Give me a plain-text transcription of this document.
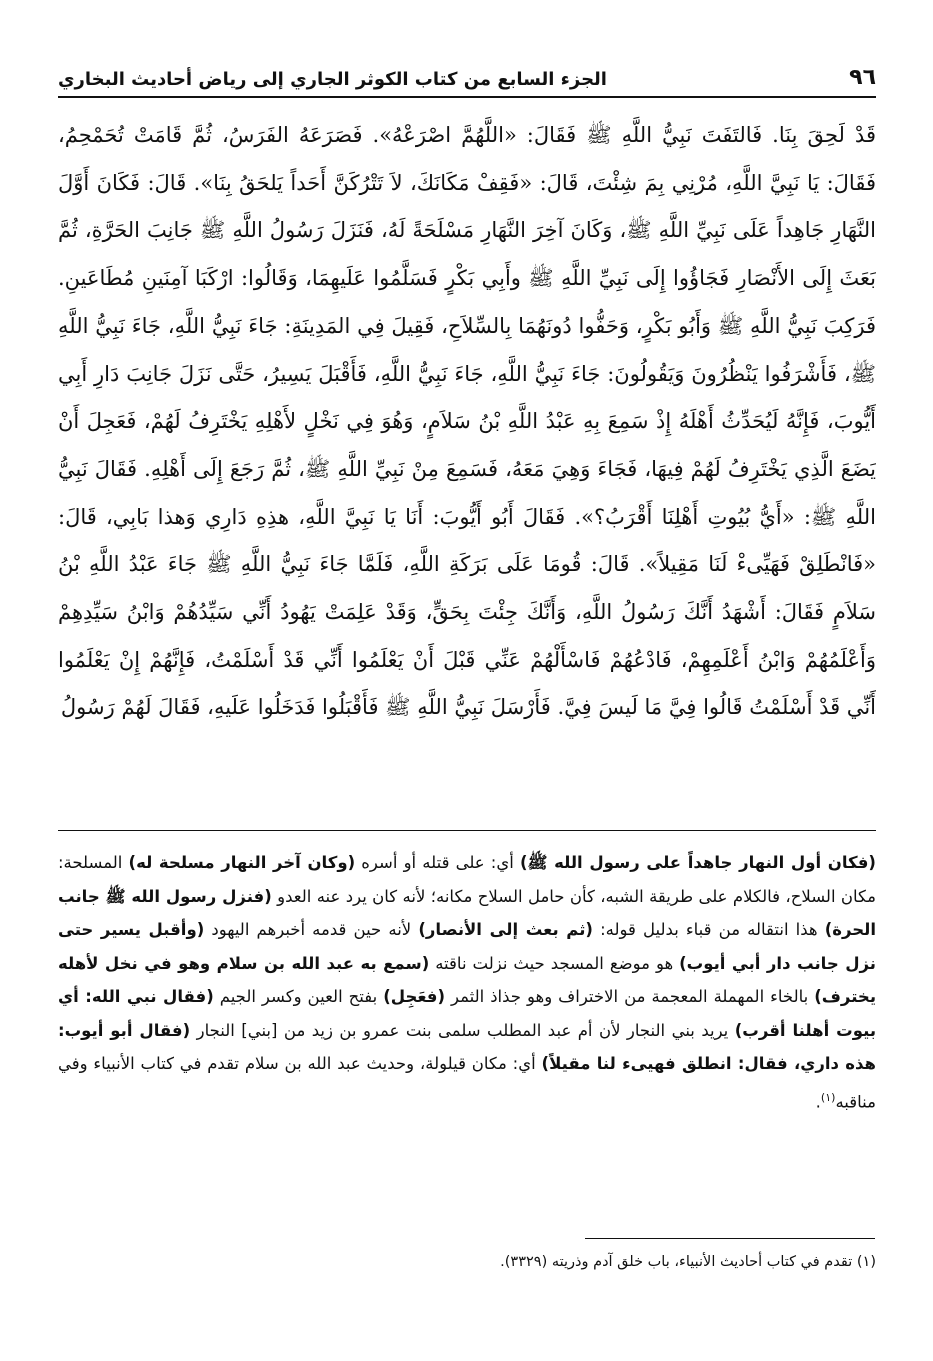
٩٦
الجزء السابع من كتاب الكوثر الجاري إلى رياض أحاديث البخاري

قَدْ لَحِقَ بِنَا. فَالتَفَتَ نَبِيُّ اللَّهِ ﷺ فَقَالَ: «اللَّهُمَّ اصْرَعْهُ». فَصَرَعَهُ الفَرَسُ، ثُمَّ قَامَتْ تُحَمْحِمُ، فَقَالَ: يَا نَبِيَّ اللَّهِ، مُرْنِي بِمَ شِئْتَ، قَالَ: «فَقِفْ مَكَانَكَ، لاَ تَتْرُكَنَّ أَحَداً يَلحَقُ بِنَا». قَالَ: فَكَانَ أَوَّلَ النَّهَارِ جَاهِداً عَلَى نَبِيِّ اللَّهِ ﷺ، وَكَانَ آخِرَ النَّهَارِ مَسْلَحَةً لَهُ، فَنَزَلَ رَسُولُ اللَّهِ ﷺ جَانِبَ الحَرَّةِ، ثُمَّ بَعَثَ إِلَى الأَنْصَارِ فَجَاؤُوا إِلَى نَبِيِّ اللَّهِ ﷺ وأَبِي بَكْرٍ فَسَلَّمُوا عَلَيهِمَا، وَقَالُوا: ارْكَبَا آمِنَينِ مُطَاعَينِ. فَرَكِبَ نَبِيُّ اللَّهِ ﷺ وَأَبُو بَكْرٍ، وَحَفُّوا دُونَهُمَا بِالسِّلاَحِ، فَقِيلَ فِي المَدِينَةِ: جَاءَ نَبِيُّ اللَّهِ، جَاءَ نَبِيُّ اللَّهِ ﷺ، فَأَشْرَفُوا يَنْظُرُونَ وَيَقُولُونَ: جَاءَ نَبِيُّ اللَّهِ، جَاءَ نَبِيُّ اللَّهِ، فَأَقْبَلَ يَسِيرُ، حَتَّى نَزَلَ جَانِبَ دَارِ أَبِي أَيُّوبَ، فَإِنَّهُ لَيُحَدِّثُ أَهْلَهُ إِذْ سَمِعَ بِهِ عَبْدُ اللَّهِ بْنُ سَلاَمٍ، وَهُوَ فِي نَخْلٍ لأَهْلِهِ يَخْتَرِفُ لَهُمْ، فَعَجِلَ أَنْ يَضَعَ الَّذِي يَخْتَرِفُ لَهُمْ فِيهَا، فَجَاءَ وَهِيَ مَعَهُ، فَسَمِعَ مِنْ نَبِيِّ اللَّهِ ﷺ، ثُمَّ رَجَعَ إِلَى أَهْلِهِ. فَقَالَ نَبِيُّ اللَّهِ ﷺ: «أَيُّ بُيُوتِ أَهْلِنَا أَقْرَبُ؟». فَقَالَ أَبُو أَيُّوبَ: أَنَا يَا نَبِيَّ اللَّهِ، هذِهِ دَارِي وَهذا بَابِي، قَالَ: «فَانْطَلِقْ فَهَيِّىءْ لَنَا مَقِيلاً». قَالَ: قُومَا عَلَى بَرَكَةِ اللَّهِ، فَلَمَّا جَاءَ نَبِيُّ اللَّهِ ﷺ جَاءَ عَبْدُ اللَّهِ بْنُ سَلاَمٍ فَقَالَ: أَشْهَدُ أَنَّكَ رَسُولُ اللَّهِ، وَأَنَّكَ جِئْتَ بِحَقٍّ، وَقَدْ عَلِمَتْ يَهُودُ أَنِّي سَيِّدُهُمْ وَابْنُ سَيِّدِهِمْ وَأَعْلَمُهُمْ وَابْنُ أَعْلَمِهِمْ، فَادْعُهُمْ فَاسْأَلْهُمْ عَنِّي قَبْلَ أَنْ يَعْلَمُوا أَنِّي قَدْ أَسْلَمْتُ، فَإِنَّهُمْ إِنْ يَعْلَمُوا أَنِّي قَدْ أَسْلَمْتُ قَالُوا فِيَّ مَا لَيسَ فِيَّ. فَأَرْسَلَ نَبِيُّ اللَّهِ ﷺ فَأَقْبَلُوا فَدَخَلُوا عَلَيهِ، فَقَالَ لَهُمْ رَسُولُ

(فكان أول النهار جاهداً على رسول الله ﷺ) أي: على قتله أو أسره (وكان آخر النهار مسلحة له) المسلحة: مكان السلاح، فالكلام على طريقة الشبه، كأن حامل السلاح مكانه؛ لأنه كان يرد عنه العدو (فنزل رسول الله ﷺ جانب الحرة) هذا انتقاله من قباء بدليل قوله: (ثم بعث إلى الأنصار) لأنه حين قدمه أخبرهم اليهود (وأقبل يسير حتى نزل جانب دار أبي أيوب) هو موضع المسجد حيث نزلت ناقته (سمع به عبد الله بن سلام وهو في نخل لأهله يخترف) بالخاء المهملة المعجمة من الاختراف وهو جذاذ الثمر (فعَجِل) بفتح العين وكسر الجيم (فقال نبي الله: أي بيوت أهلنا أقرب) يريد بني النجار لأن أم عبد المطلب سلمى بنت عمرو بن زيد من [بني] النجار (فقال أبو أيوب: هذه داري، فقال: انطلق فهيىء لنا مقيلاً) أي: مكان قيلولة، وحديث عبد الله بن سلام تقدم في كتاب الأنبياء وفي مناقبه$^{(١)}$.

(١) تقدم في كتاب أحاديث الأنبياء، باب خلق آدم وذريته (٣٣٢٩).
